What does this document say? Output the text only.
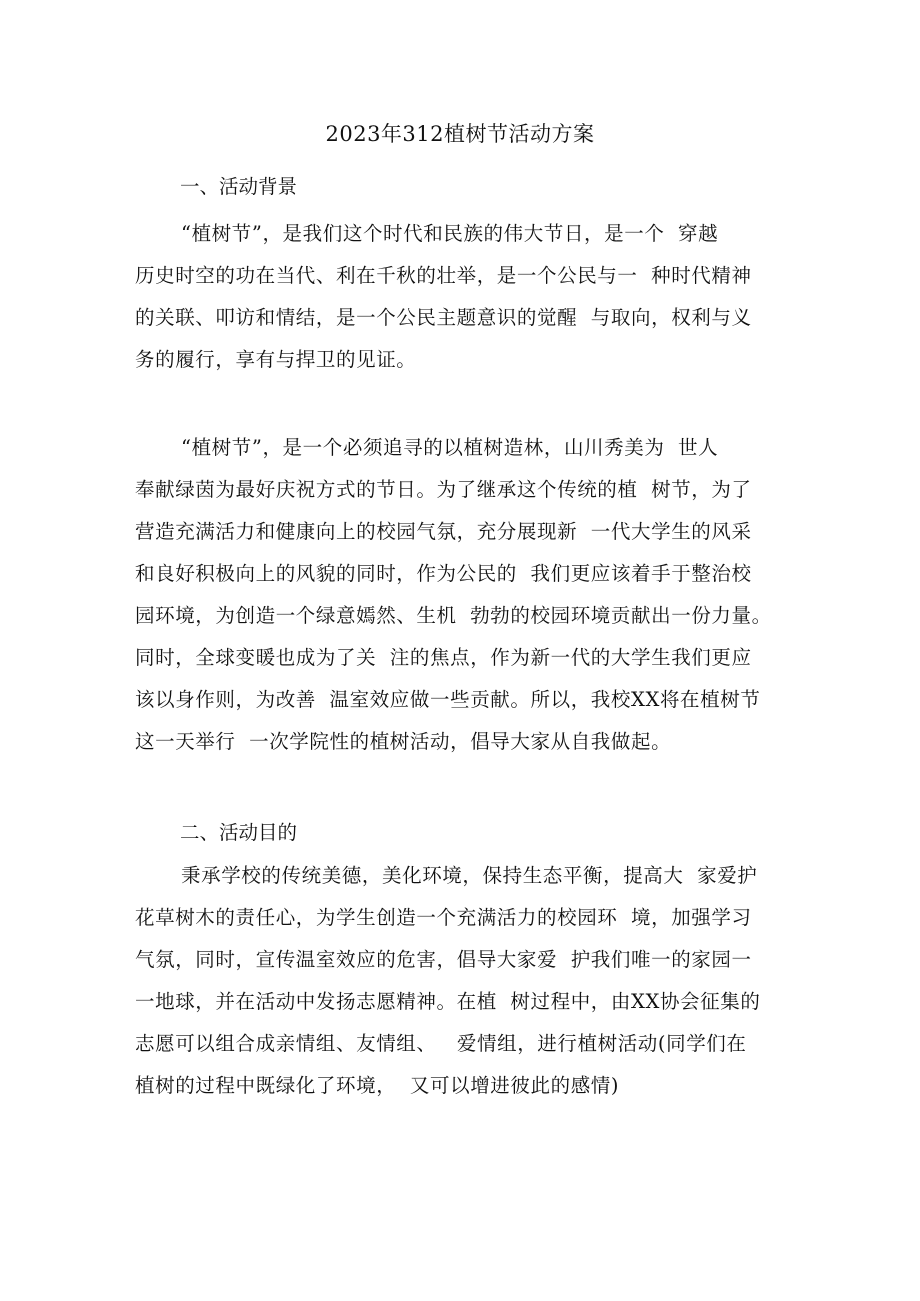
2023年312植树节活动方案
一、活动背景
“植树节”，是我们这个时代和民族的伟大节日，是一个  穿越
历史时空的功在当代、利在千秋的壮举，是一个公民与一  种时代精神
的关联、叩访和情结，是一个公民主题意识的觉醒  与取向，权利与义
务的履行，享有与捍卫的见证。
“植树节”，是一个必须追寻的以植树造林，山川秀美为  世人
奉献绿茵为最好庆祝方式的节日。为了继承这个传统的植  树节，为了
营造充满活力和健康向上的校园气氛，充分展现新  一代大学生的风采
和良好积极向上的风貌的同时，作为公民的  我们更应该着手于整治校
园环境，为创造一个绿意嫣然、生机  勃勃的校园环境贡献出一份力量。
同时，全球变暖也成为了关  注的焦点，作为新一代的大学生我们更应
该以身作则，为改善  温室效应做一些贡献。所以，我校XX将在植树节
这一天举行  一次学院性的植树活动，倡导大家从自我做起。
二、活动目的
秉承学校的传统美德，美化环境，保持生态平衡，提高大  家爱护
花草树木的责任心，为学生创造一个充满活力的校园环  境，加强学习
气氛，同时，宣传温室效应的危害，倡导大家爱  护我们唯一的家园一
一地球，并在活动中发扬志愿精神。在植  树过程中，由XX协会征集的
志愿可以组合成亲情组、友情组、   爱情组，进行植树活动(同学们在
植树的过程中既绿化了环境，  又可以增进彼此的感情)
